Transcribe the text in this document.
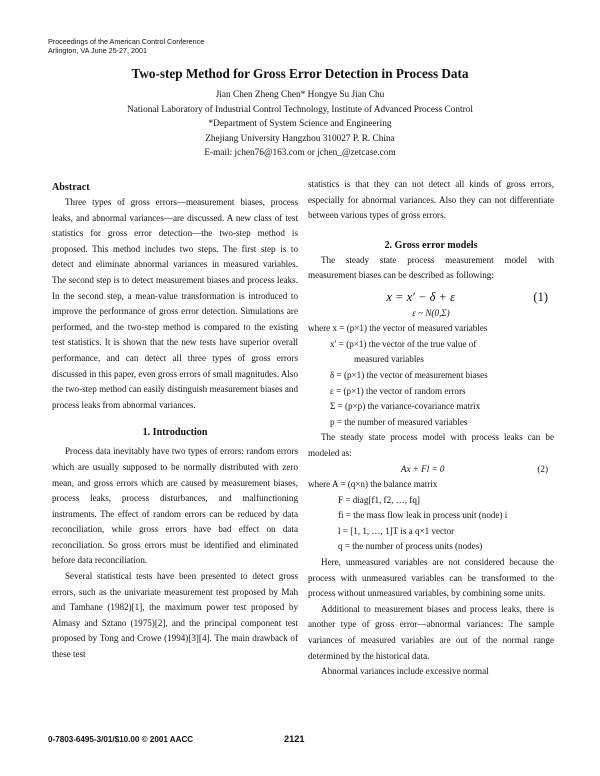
Proceedings of the American Control Conference
Arlington, VA June 25-27, 2001
Two-step Method for Gross Error Detection in Process Data
Jian Chen Zheng Chen* Hongye Su Jian Chu
National Laboratory of Industrial Control Technology, Institute of Advanced Process Control
*Department of System Science and Engineering
Zhejiang University Hangzhou 310027 P. R. China
E-mail: jchen76@163.com or jchen_@zetcase.com
Abstract

Three types of gross errors—measurement biases, process leaks, and abnormal variances—are discussed. A new class of test statistics for gross error detection—the two-step method is proposed. This method includes two steps. The first step is to detect and eliminate abnormal variances in measured variables. The second step is to detect measurement biases and process leaks. In the second step, a mean-value transformation is introduced to improve the performance of gross error detection. Simulations are performed, and the two-step method is compared to the existing test statistics. It is shown that the new tests have superior overall performance, and can detect all three types of gross errors discussed in this paper, even gross errors of small magnitudes. Also the two-step method can easily distinguish measurement biases and process leaks from abnormal variances.

1. Introduction

Process data inevitably have two types of errors: random errors which are usually supposed to be normally distributed with zero mean, and gross errors which are caused by measurement biases, process leaks, process disturbances, and malfunctioning instruments. The effect of random errors can be reduced by data reconciliation, while gross errors have bad effect on data reconciliation. So gross errors must be identified and eliminated before data reconciliation.

Several statistical tests have been presented to detect gross errors, such as the univariate measurement test proposed by Mah and Tamhane (1982)[1], the maximum power test proposed by Almasy and Sztano (1975)[2], and the principal component test proposed by Tong and Crowe (1994)[3][4]. The main drawback of these test

statistics is that they can not detect all kinds of gross errors, especially for abnormal variances. Also they can not differentiate between various types of gross errors.

2. Gross error models

The steady state process measurement model with measurement biases can be described as following:

x = x′ − δ + ε	(1)
ε ~ N(0,Σ)
where x = (p×1) the vector of measured variables
x′ = (p×1) the vector of the true value of
measured variables
δ = (p×1) the vector of measurement biases
ε = (p×1) the vector of random errors
Σ = (p×p) the variance-covariance matrix
p = the number of measured variables

The steady state process model with process leaks can be modeled as:

Ax + Fl = 0	(2)
where A = (q×n) the balance matrix
F = diag[f1, f2, …, fq]
fi = the mass flow leak in process unit (node) i
l = [1, 1, …, 1]T is a q×1 vector
q = the number of process units (nodes)

Here, unmeasured variables are not considered because the process with unmeasured variables can be transformed to the process without unmeasured variables, by combining some units.

Additional to measurement biases and process leaks, there is another type of gross error—abnormal variances: The sample variances of measured variables are out of the normal range determined by the historical data.

Abnormal variances include excessive normal

0-7803-6495-3/01/$10.00 © 2001 AACC	2121
